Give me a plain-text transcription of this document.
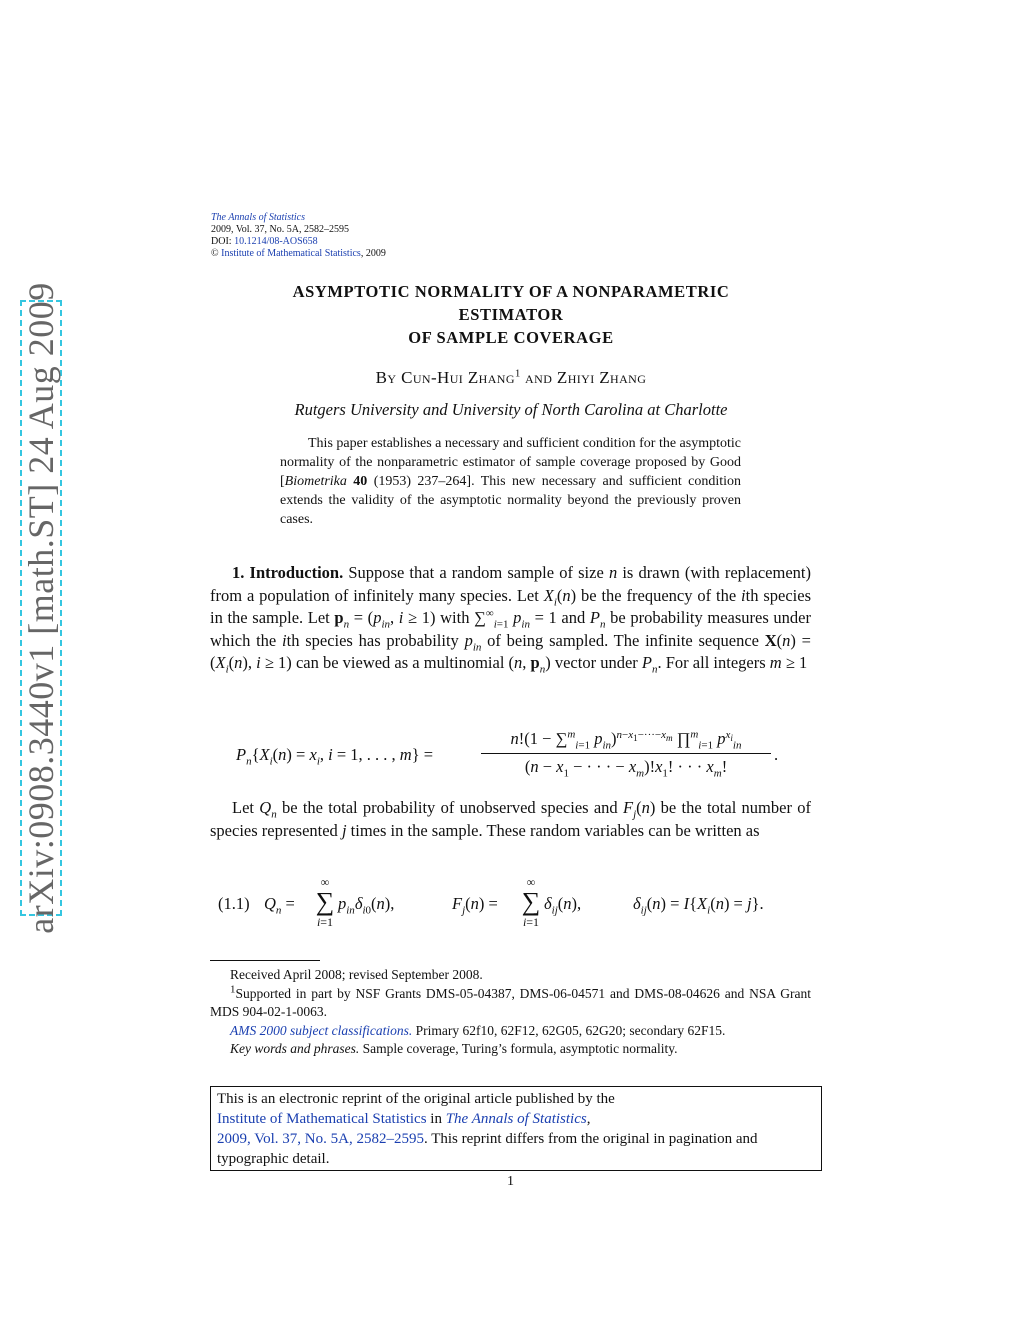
arXiv:0908.3440v1 [math.ST] 24 Aug 2009
The Annals of Statistics
2009, Vol. 37, No. 5A, 2582–2595
DOI: 10.1214/08-AOS658
© Institute of Mathematical Statistics, 2009
ASYMPTOTIC NORMALITY OF A NONPARAMETRIC
ESTIMATOR
OF SAMPLE COVERAGE
By Cun-Hui Zhang$^1$ and Zhiyi Zhang
Rutgers University and University of North Carolina at Charlotte
This paper establishes a necessary and sufficient condition for the asymptotic normality of the nonparametric estimator of sample coverage proposed by Good [Biometrika 40 (1953) 237–264]. This new necessary and sufficient condition extends the validity of the asymptotic normality beyond the previously proven cases.
1. Introduction. Suppose that a random sample of size n is drawn (with replacement) from a population of infinitely many species. Let $X_i(n)$ be the frequency of the ith species in the sample. Let $p_n = (p_{in}$, i ≥ 1) with $\sum^\infty_{i=1}$ $p_{in} = 1$ and $P_n$ be probability measures under which the ith species has probability $p_{in}$ of being sampled. The infinite sequence $X(n) = (X_i(n)$, i ≥ 1) can be viewed as a multinomial (n, $p_n$) vector under $P_n$. For all integers m ≥ 1
$P_n\{X_i(n) = x_i$, i = 1, . . . , m} =
n!(1 − ∑$^m_{i=1}$ $p_{in})^{n-x_1-\cdot\cdot\cdot-x_m}$ ∏$^m_{i=1}$ $p^{x_i}_{in}$
($n - x_1$ − · · · − $x_m)!x_1$! · · · $x_m$!
.
Let $Q_n$ be the total probability of unobserved species and $F_j(n)$ be the total number of species represented j times in the sample. These random variables can be written as
(1.1) $Q_n$ =
∞
∑
i=1
$p_{in}\delta_{i0}(n)$,	$F_j(n)$ =
∞
∑
i=1
$\delta_{ij}(n)$,	$\delta_{ij}(n) = I\{X_i(n) = j\}$.

Received April 2008; revised September 2008.

$^1$Supported in part by NSF Grants DMS-05-04387, DMS-06-04571 and DMS-08-04626 and NSA Grant MDS 904-02-1-0063.

AMS 2000 subject classifications. Primary 62f10, 62F12, 62G05, 62G20; secondary 62F15.

Key words and phrases. Sample coverage, Turing’s formula, asymptotic normality.

This is an electronic reprint of the original article published by the
Institute of Mathematical Statistics in The Annals of Statistics,
2009, Vol. 37, No. 5A, 2582–2595. This reprint differs from the original in pagination and typographic detail.
1
